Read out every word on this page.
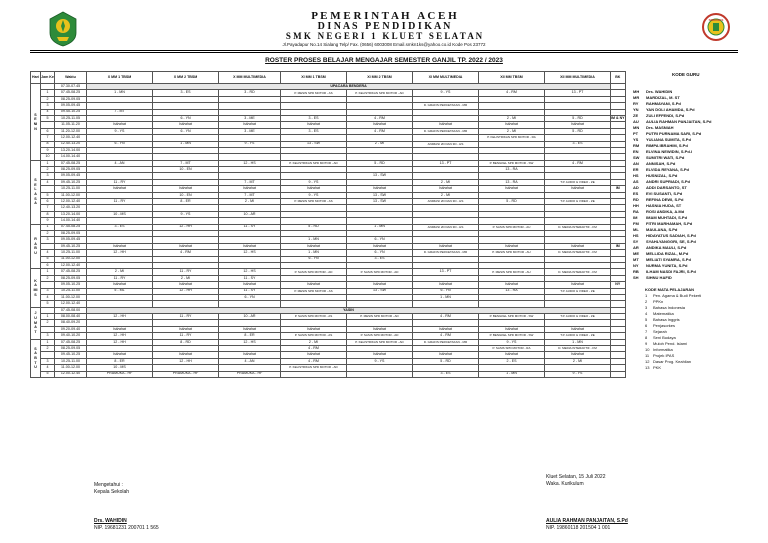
SMKN1KS
P E M E R I N T A H   A C E H
D I N A S   P E N D I D I K A N
S M K   N E G E R I   1   K L U E T   S E L A T A N
Jl.Payadapur No.14 Sialang Telp/ Fax. (0656) 6003008 Email.smkn1ks@yahoo.co.id Kode Pos 23772
ROSTER PROSES BELAJAR MENGAJAR SEMESTER GANJIL TP. 2022 / 2023
Hari	Jam Ke	Waktu	X MM 1 TBSM	X MM 2 TBSM	X MM MULTIMEDIA	XI MM 1 TBSM	XI MM 2 TBSM	XI MM MULTIMEDIA	XII MM TBSM	XII MM MULTIMEDIA	BK

SENIN		07.30-07.45	UPACARA BENDERA								
	1	07.45-08.25	1 - MN	3 - ES	3 - RD	P. MESIN SPD MOTOR - AS	P. KELISTRIKAN SPD MOTOR - AD	9 - YS	4 - RM	13 - PT	
	2	08.25-09.05									
	3	09.05-09.45						D. GRAFIS PERCETAKAN - MR			
	4	09.45-10.25	7 - MT								
	5	10.25-11.05		6 - YN	3 - ME	3 - ES	4 - RM		2 - MI	5 - RD	IM & NY
		11.05-11.20	Istirahat	Istirahat	Istirahat	Istirahat	Istirahat	Istirahat	Istirahat	Istirahat	
	6	11.20-12.00	9 - YS	6 - YN	3 - ME	3 - ES	4 - RM	D. GRAFIS PERCETAKAN - MR	2 - MI	5 - RD	
	7	12.00-12.40							P. KELISTRIKAN SPD MOTOR - RA		
	8	12.40-13.20	6 - YN	1 - MN	9 - YS	13 - SW	2 - MI	ANIMASI 2D DAN 3D - HS		3 - ES	
	9	13.20-14.00									
	10	14.00-14.40									

SELASA	1	07.45-08.25	4 - AN	7 - MT	12 - HS	P. KELISTRIKAN SPD MOTOR - AD	5 - RD	13 - PT	P. BENGKEL SPD MOTOR - SW	4 - RM	
	2	08.25-09.05		10 - EN					13 - RA		
	3	09.05-09.45					13 - SW				
	4	09.45-10.25	11 - RY		7 - MT	9 - YS		2 - MI	13 - RA	T.P. AUDIO & VIDEO - ZE	
		10.25-11.00	Istirahat	Istirahat	Istirahat	Istirahat	Istirahat	Istirahat	Istirahat	Istirahat	IM
	5	11.00-12.00		10 - EN	7 - MT	9 - YS	13 - SW	2 - MI			
	6	12.00-12.40	11 - RY	8 - ER	2 - MI	P. MESIN SPD MOTOR - AS	13 - SW	ANIMASI 2D DAN 3D - HS	5 - RD	T.P. AUDIO & VIDEO - ZE	
	7	12.40-13.20									
	8	13.20-14.00	10 - MS	9 - YS	10 - AR						
	9	14.00-14.40									

RABU	1	07.45-08.25	3 - ES	12 - HH	11 - SY	5 - RD	1 - MN	ANIMASI 2D DAN 3D - HS	P. SASIS SPD MOTOR - AU	D. MEDIA INTERAKTIF - FM	
	2	08.25-09.05									
	3	09.05-09.45				1 - MN	6 - YN				
		09.45-10.25	Istirahat	Istirahat	Istirahat	Istirahat	Istirahat	Istirahat	Istirahat	Istirahat	IM
	4	10.25-11.00	12 - HH	4 - RM	12 - HS	1 - MN	6 - YN	D. GRAFIS PERCETAKAN - MR	P. MESIN SPD MOTOR - AU	D. MEDIA INTERAKTIF - FM	
	5	11.00-12.00				6 - YN	3 - ES				
	6	12.00-12.40									

KAMIS	1	07.45-08.25	2 - MI	11 - RY	12 - HS	P. SASIS SPD MOTOR - AD	P. SASIS SPD MOTOR - AD	13 - PT	P. MESIN SPD MOTOR - AU	D. MEDIA INTERAKTIF - FM	
	2	08.25-09.05	11 - RY	2 - MI	11 - SY						
		09.05-10.25	Istirahat	Istirahat	Istirahat	Istirahat	Istirahat	Istirahat	Istirahat	Istirahat	NY
	3	10.25-11.00	5 - ML	12 - HH	11 - SY	P. MESIN SPD MOTOR - AS	13 - SW	6 - YN	13 - RA	T.P. AUDIO & VIDEO - ZE	
	4	11.00-12.00			6 - YN			1 - MN			
	5	12.00-12.40									

JUMAT		07.45-08.00	YASIN								
	1	08.00-08.40	12 - HH	11 - RY	10 - AR	P. SASIS SPD MOTOR - AS	P. MESIN SPD MOTOR - AD	4 - RM	P. BENGKEL SPD MOTOR - SW	T.P. AUDIO & VIDEO - ZE	
	2	08.40-09.20									
		09.20-09.40	Istirahat	Istirahat	Istirahat	Istirahat	Istirahat	Istirahat	Istirahat	Istirahat	
	3	09.40-10.20	12 - HH	11 - RY	8 - ER	P. SASIS SPD MOTOR - AS	P. SASIS SPD MOTOR - AD	4 - RM	P. BENGKEL SPD MOTOR - SW	T.P. AUDIO & VIDEO - ZE	

SABTU	1	07.45-08.25	12 - HH	8 - RD	12 - HS	2 - MI	P. KELISTRIKAN SPD MOTOR - AD	D. GRAFIS PERCETAKAN - MR	9 - YS	1 - MN	
	2	08.25-09.05				4 - RM			P. SASIS SPD MOTOR - RA	D. MEDIA INTERAKTIF - FM	
		09.45-10.25	Istirahat	Istirahat	Istirahat	Istirahat	Istirahat	Istirahat	Istirahat	Istirahat	
	3	10.25-11.00	8 - ER	12 - HH	4 - AN	4 - RM	9 - YS	5 - RD	2 - ES	2 - MI	
	4	11.00-12.00	10 - MS			P. KELISTRIKAN SPD MOTOR - AD					
	5	12.00-12.40	PRAMUKA - HF	PRAMUKA - HF	PRAMUKA - HF			3 - ES	1 - MN	9 - YS	
KODE GURU
MH	Drs. WAHIDIN
MR	MARDIZAL, M. ST
RY	RAHMAYANI, S.Pd
YN	YAN DOLI AHAMDA, S.Pd
ZE	ZULI EFFENDI, S.Pd
AU	AULIA RAHMAN PANJAITAN, S.Pd
MN	Drs. MASNIAH
PT	PUTRI PURNAMA SARI, S.Pd
YS	YULIANA SUMITA, S.Pd
RM	RIMPA IBRAHIM, S.Pd
EN	ELVINA NEWIDIN, S.Pd.I
SW	SUMITRI WATI, S.Pd
AN	ANNISAH, S.Pd
ER	ELVIDA REYANA, S.Pd
HS	HUSNIZAL, S.Pd
AS	ANDRI SUPRIADI, S.Pd
AD	ADDI DARSANTO, ST
ES	EVI SUSANTI, S.Pd
RD	REFINA DEWI, S.Pd
HH	HASNIA HUDA, ST
RA	ROSI ANDIKA, A.Md
IM	IMAM MUHTADI, S.Pd
FM	FITRI MARHAMAH, S.Pd
ML	MAULANA, S.Pd
HS	HIDAYATUS SADIAH, S.Pd
SY	SYAHLYANGGRI, SE, S.Pd
AR	ANDIKA MAULI, S.Pd
ME	MELLIDA RIZAL, M.Pd
MT	MELIATI SYAMRA, S.Pd
NY	NURMA YUNITA, S.Pd
RB	ILHAM NASDI FAJRI, S.Pd
SH	SIHNU HAFID
KODE MATA PELAJARAN
1	Pen. Agama & Budi Pekerti
2	PPKn
3	Bahasa Indonesia
4	Matematika
5	Bahasa Inggris
6	Penjasorkes
7	Sejarah
8	Seni Budaya
9	Muloh Pend. Islami
10 Informatika
11 Projek IPAS
12 Dasar Prog. Keahlian
13 PKK
Kluet Selatan, 15 Juli 2022
Waka. Kurikulum
Mengetahui :
Kepala Sekolah
Drs. WAHIDIN
NIP. 19681231 200701 1 565
AULIA RAHMAN PANJAITAN, S.Pd
NIP. 19860118 201504 1 001
